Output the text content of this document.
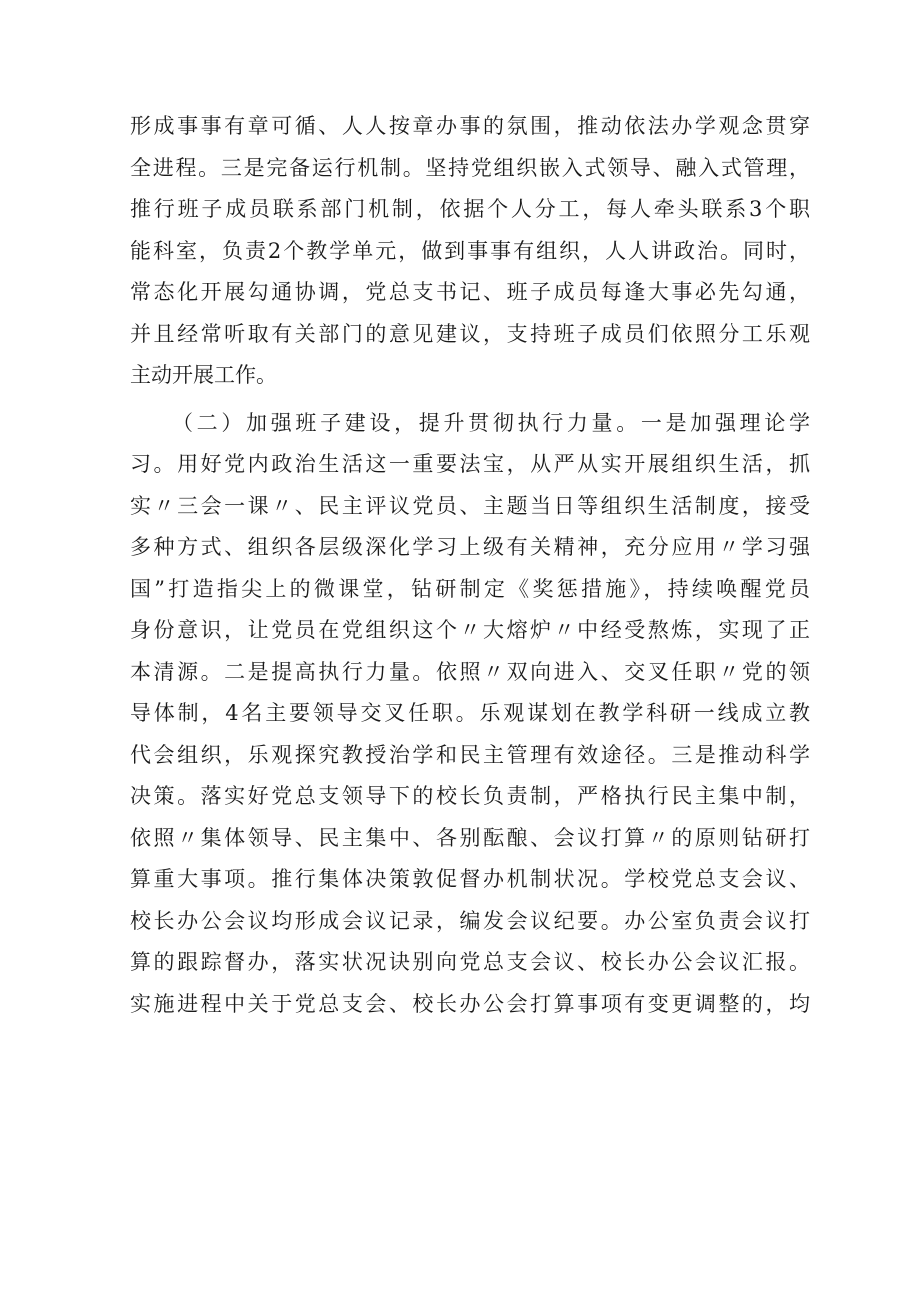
形成事事有章可循、人人按章办事的氛围，推动依法办学观念贯穿
全进程。三是完备运行机制。坚持党组织嵌入式领导、融入式管理，
推行班子成员联系部门机制，依据个人分工，每人牵头联系3个职
能科室，负责2个教学单元，做到事事有组织，人人讲政治。同时，
常态化开展勾通协调，党总支书记、班子成员每逢大事必先勾通，
并且经常听取有关部门的意见建议，支持班子成员们依照分工乐观
主动开展工作。
（二）加强班子建设，提升贯彻执行力量。一是加强理论学
习。用好党内政治生活这一重要法宝，从严从实开展组织生活，抓
实〃三会一课〃、民主评议党员、主题当日等组织生活制度，接受
多种方式、组织各层级深化学习上级有关精神，充分应用〃学习强
国”打造指尖上的微课堂，钻研制定《奖惩措施》，持续唤醒党员
身份意识，让党员在党组织这个〃大熔炉〃中经受熬炼，实现了正
本清源。二是提高执行力量。依照〃双向进入、交叉任职〃党的领
导体制，4名主要领导交叉任职。乐观谋划在教学科研一线成立教
代会组织，乐观探究教授治学和民主管理有效途径。三是推动科学
决策。落实好党总支领导下的校长负责制，严格执行民主集中制，
依照〃集体领导、民主集中、各别酝酿、会议打算〃的原则钻研打
算重大事项。推行集体决策敦促督办机制状况。学校党总支会议、
校长办公会议均形成会议记录，编发会议纪要。办公室负责会议打
算的跟踪督办，落实状况诀别向党总支会议、校长办公会议汇报。
实施进程中关于党总支会、校长办公会打算事项有变更调整的，均
